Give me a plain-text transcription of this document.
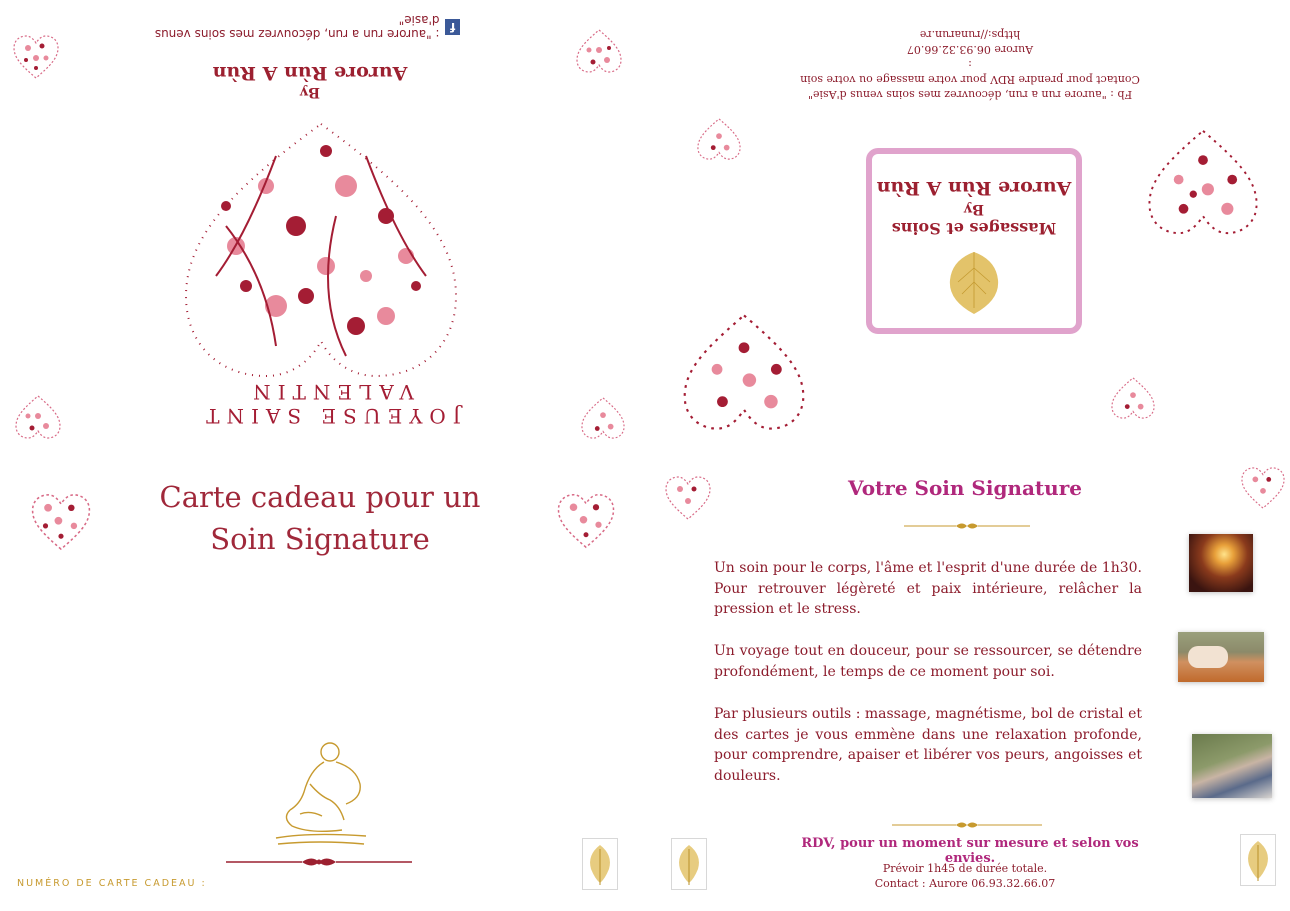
f
: "aurore run a run, découvrez mes soins venus d'asie"
By
Aurore Rùn A Rùn
JOYEUSE SAINT VALENTIN
Carte cadeau pour un
Soin Signature
NUMÉRO DE CARTE CADEAU :
Fb : "aurore run a run, découvrez mes soins venus d'Asie"
Contact pour prendre RDV pour votre massage ou votre soin :
Aurore 06.93.32.66.07
https://runarun.re
Massages et Soins
By
Aurore Rùn A Rùn
Votre Soin Signature
Un soin pour le corps, l'âme et l'esprit d'une durée de 1h30. Pour retrouver légèreté et paix intérieure, relâcher la pression et le stress.
Un voyage tout en douceur, pour se ressourcer, se détendre profondément, le temps de ce moment pour soi.
Par plusieurs outils : massage, magnétisme, bol de cristal et des cartes je vous emmène dans une relaxation profonde, pour comprendre, apaiser et libérer vos peurs, angoisses et douleurs.
RDV, pour un moment sur mesure et selon vos envies.
Prévoir 1h45 de durée totale.
Contact : Aurore 06.93.32.66.07
